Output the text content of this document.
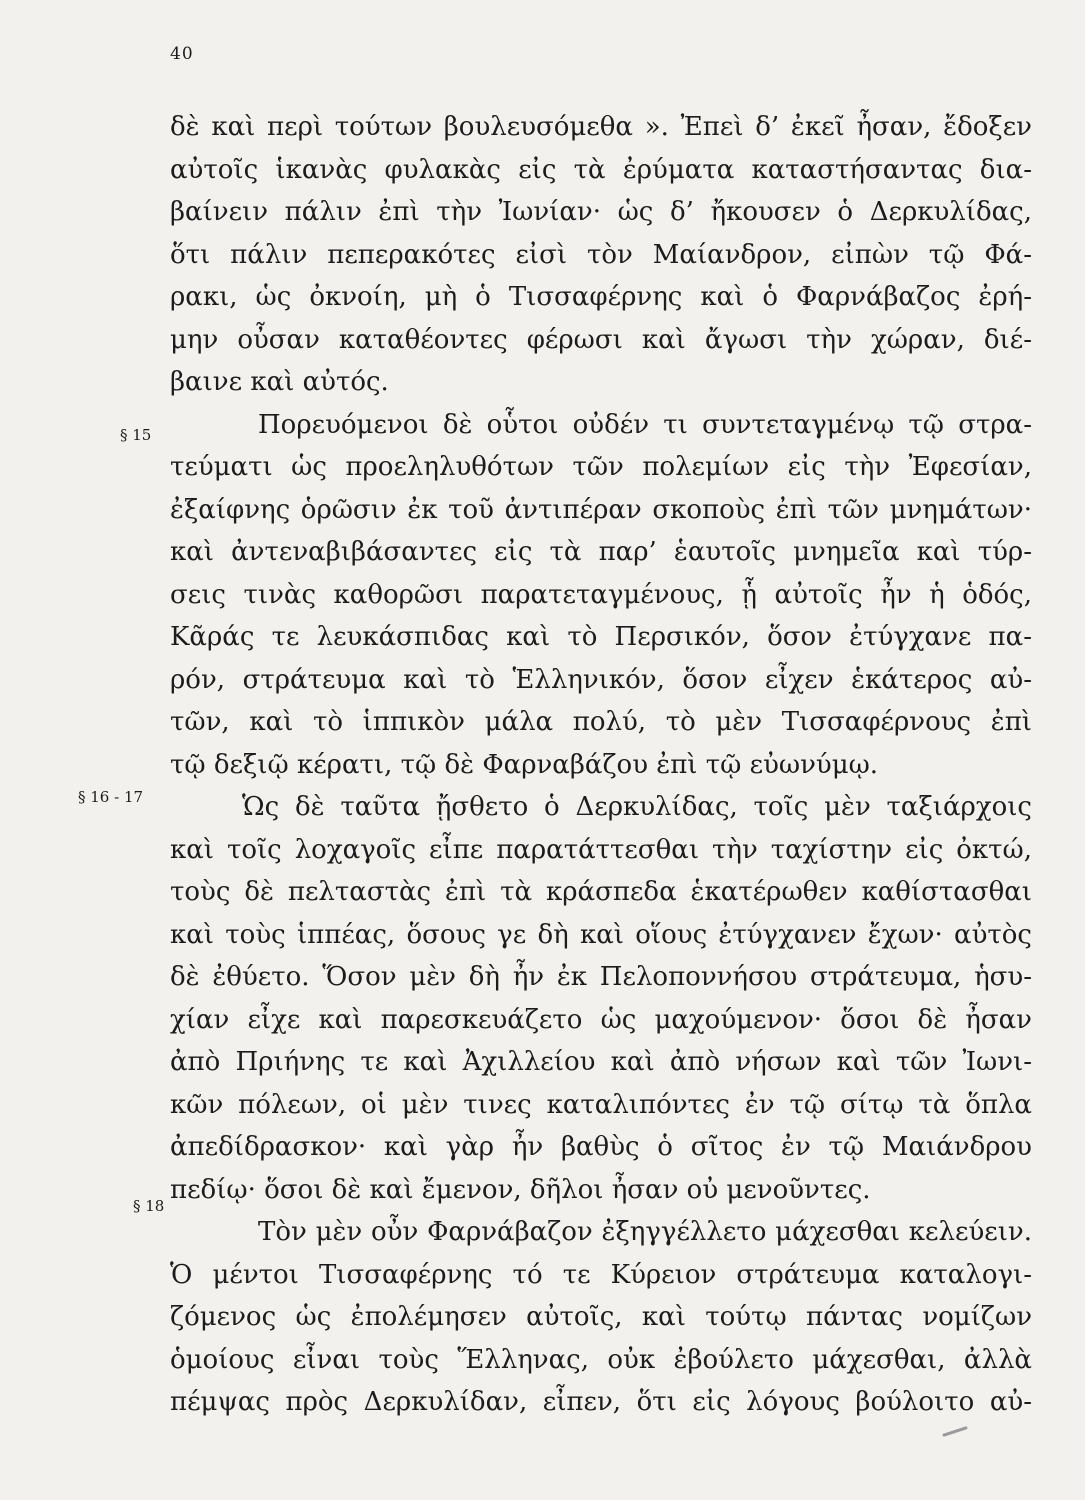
40
§ 15
§ 16 - 17
§ 18
δὲ καὶ περὶ τούτων βουλευσόμεθα ». Ἐπεὶ δ’ ἐκεῖ ἦσαν, ἔδοξεν
αὐτοῖς ἱκανὰς φυλακὰς εἰς τὰ ἐρύματα καταστήσαντας δια-
βαίνειν πάλιν ἐπὶ τὴν Ἰωνίαν· ὡς δ’ ἤκουσεν ὁ Δερκυλίδας,
ὅτι πάλιν πεπερακότες εἰσὶ τὸν Μαίανδρον, εἰπὼν τῷ Φά-
ρακι, ὡς ὀκνοίη, μὴ ὁ Τισσαφέρνης καὶ ὁ Φαρνάβαζος ἐρή-
μην οὖσαν καταθέοντες φέρωσι καὶ ἄγωσι τὴν χώραν, διέ-
βαινε καὶ αὐτός.
Πορευόμενοι δὲ οὗτοι οὐδέν τι συντεταγμένῳ τῷ στρα-
τεύματι ὡς προεληλυθότων τῶν πολεμίων εἰς τὴν Ἐφεσίαν,
ἐξαίφνης ὁρῶσιν ἐκ τοῦ ἀντιπέραν σκοποὺς ἐπὶ τῶν μνημάτων·
καὶ ἀντεναβιβάσαντες εἰς τὰ παρ’ ἑαυτοῖς μνημεῖα καὶ τύρ-
σεις τινὰς καθορῶσι παρατεταγμένους, ᾗ αὐτοῖς ἦν ἡ ὁδός,
Κᾶράς τε λευκάσπιδας καὶ τὸ Περσικόν, ὅσον ἐτύγχανε πα-
ρόν, στράτευμα καὶ τὸ Ἑλληνικόν, ὅσον εἶχεν ἑκάτερος αὐ-
τῶν, καὶ τὸ ἱππικὸν μάλα πολύ, τὸ μὲν Τισσαφέρνους ἐπὶ
τῷ δεξιῷ κέρατι, τῷ δὲ Φαρναβάζου ἐπὶ τῷ εὐωνύμῳ.
Ὡς δὲ ταῦτα ᾔσθετο ὁ Δερκυλίδας, τοῖς μὲν ταξιάρχοις
καὶ τοῖς λοχαγοῖς εἶπε παρατάττεσθαι τὴν ταχίστην εἰς ὀκτώ,
τοὺς δὲ πελταστὰς ἐπὶ τὰ κράσπεδα ἑκατέρωθεν καθίστασθαι
καὶ τοὺς ἱππέας, ὅσους γε δὴ καὶ οἵους ἐτύγχανεν ἔχων· αὐτὸς
δὲ ἐθύετο. Ὅσον μὲν δὴ ἦν ἐκ Πελοποννήσου στράτευμα, ἡσυ-
χίαν εἶχε καὶ παρεσκευάζετο ὡς μαχούμενον· ὅσοι δὲ ἦσαν
ἀπὸ Πριήνης τε καὶ Ἀχιλλείου καὶ ἀπὸ νήσων καὶ τῶν Ἰωνι-
κῶν πόλεων, οἱ μὲν τινες καταλιπόντες ἐν τῷ σίτῳ τὰ ὅπλα
ἀπεδίδρασκον· καὶ γὰρ ἦν βαθὺς ὁ σῖτος ἐν τῷ Μαιάνδρου
πεδίῳ· ὅσοι δὲ καὶ ἔμενον, δῆλοι ἦσαν οὐ μενοῦντες.
Τὸν μὲν οὖν Φαρνάβαζον ἐξηγγέλλετο μάχεσθαι κελεύειν.
Ὁ μέντοι Τισσαφέρνης τό τε Κύρειον στράτευμα καταλογι-
ζόμενος ὡς ἐπολέμησεν αὐτοῖς, καὶ τούτῳ πάντας νομίζων
ὁμοίους εἶναι τοὺς Ἕλληνας, οὐκ ἐβούλετο μάχεσθαι, ἀλλὰ
πέμψας πρὸς Δερκυλίδαν, εἶπεν, ὅτι εἰς λόγους βούλοιτο αὐ-
